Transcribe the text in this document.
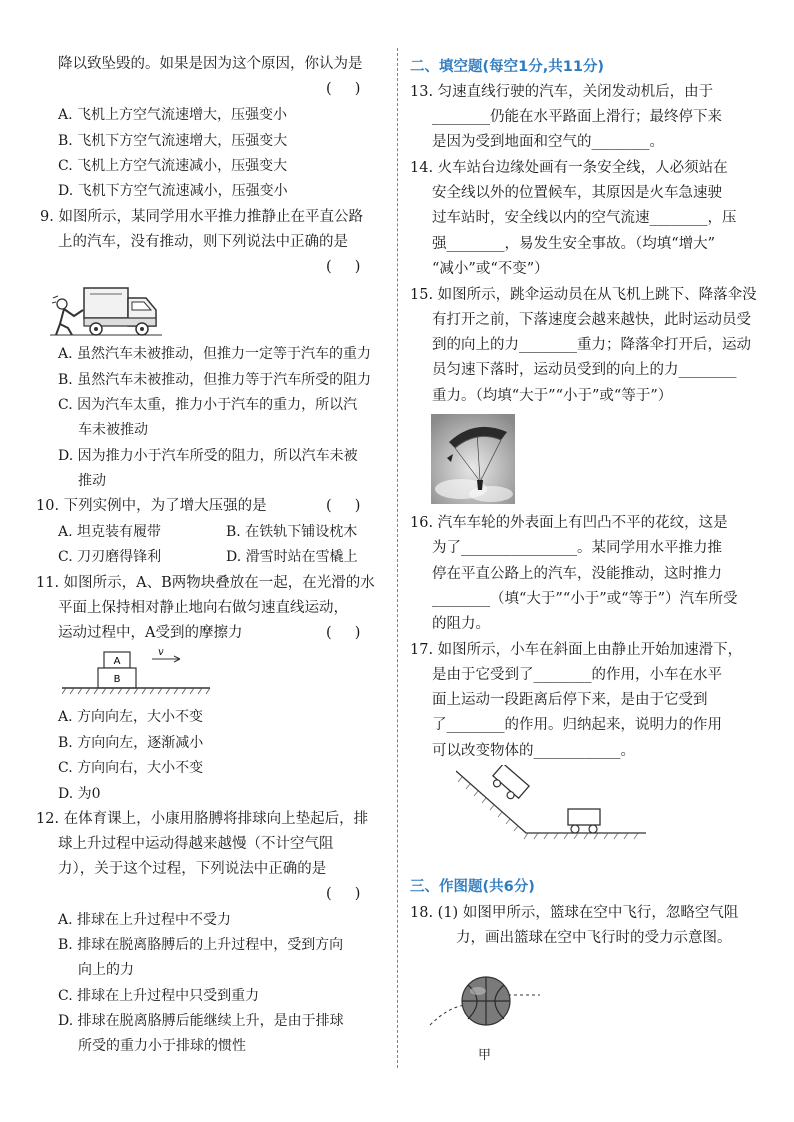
降以致坠毁的。如果是因为这个原因，你认为是
(     )
A. 飞机上方空气流速增大，压强变小
B. 飞机下方空气流速增大，压强变大
C. 飞机上方空气流速减小，压强变大
D. 飞机下方空气流速减小，压强变小
9. 如图所示，某同学用水平推力推静止在平直公路
上的汽车，没有推动，则下列说法中正确的是
(     )
A. 虽然汽车未被推动，但推力一定等于汽车的重力
B. 虽然汽车未被推动，但推力等于汽车所受的阻力
C. 因为汽车太重，推力小于汽车的重力，所以汽
车未被推动
D. 因为推力小于汽车所受的阻力，所以汽车未被
推动
10. 下列实例中，为了增大压强的是	(     )
A. 坦克装有履带	B. 在铁轨下铺设枕木
C. 刀刃磨得锋利	D. 滑雪时站在雪橇上
11. 如图所示，A、B两物块叠放在一起，在光滑的水
平面上保持相对静止地向右做匀速直线运动，
运动过程中，A受到的摩擦力	(     )
A
B
v
A. 方向向左，大小不变
B. 方向向左，逐渐减小
C. 方向向右，大小不变
D. 为0
12. 在体育课上，小康用胳膊将排球向上垫起后，排
球上升过程中运动得越来越慢（不计空气阻
力），关于这个过程，下列说法中正确的是
(     )
A. 排球在上升过程中不受力
B. 排球在脱离胳膊后的上升过程中，受到方向
向上的力
C. 排球在上升过程中只受到重力
D. 排球在脱离胳膊后能继续上升，是由于排球
所受的重力小于排球的惯性
二、填空题(每空1分,共11分)
13. 匀速直线行驶的汽车，关闭发动机后，由于
________仍能在水平路面上滑行；最终停下来
是因为受到地面和空气的________。
14. 火车站台边缘处画有一条安全线，人必须站在
安全线以外的位置候车，其原因是火车急速驶
过车站时，安全线以内的空气流速________，压
强________，易发生安全事故。（均填“增大”
“减小”或“不变”）
15. 如图所示，跳伞运动员在从飞机上跳下、降落伞没
有打开之前，下落速度会越来越快，此时运动员受
到的向上的力________重力；降落伞打开后，运动
员匀速下落时，运动员受到的向上的力________
重力。（均填“大于”“小于”或“等于”）
16. 汽车车轮的外表面上有凹凸不平的花纹，这是
为了________________。某同学用水平推力推
停在平直公路上的汽车，没能推动，这时推力
________（填“大于”“小于”或“等于”）汽车所受
的阻力。
17. 如图所示，小车在斜面上由静止开始加速滑下，
是由于它受到了________的作用，小车在水平
面上运动一段距离后停下来，是由于它受到
了________的作用。归纳起来，说明力的作用
可以改变物体的____________。
三、作图题(共6分)
18. (1) 如图甲所示，篮球在空中飞行，忽略空气阻
力，画出篮球在空中飞行时的受力示意图。
甲
